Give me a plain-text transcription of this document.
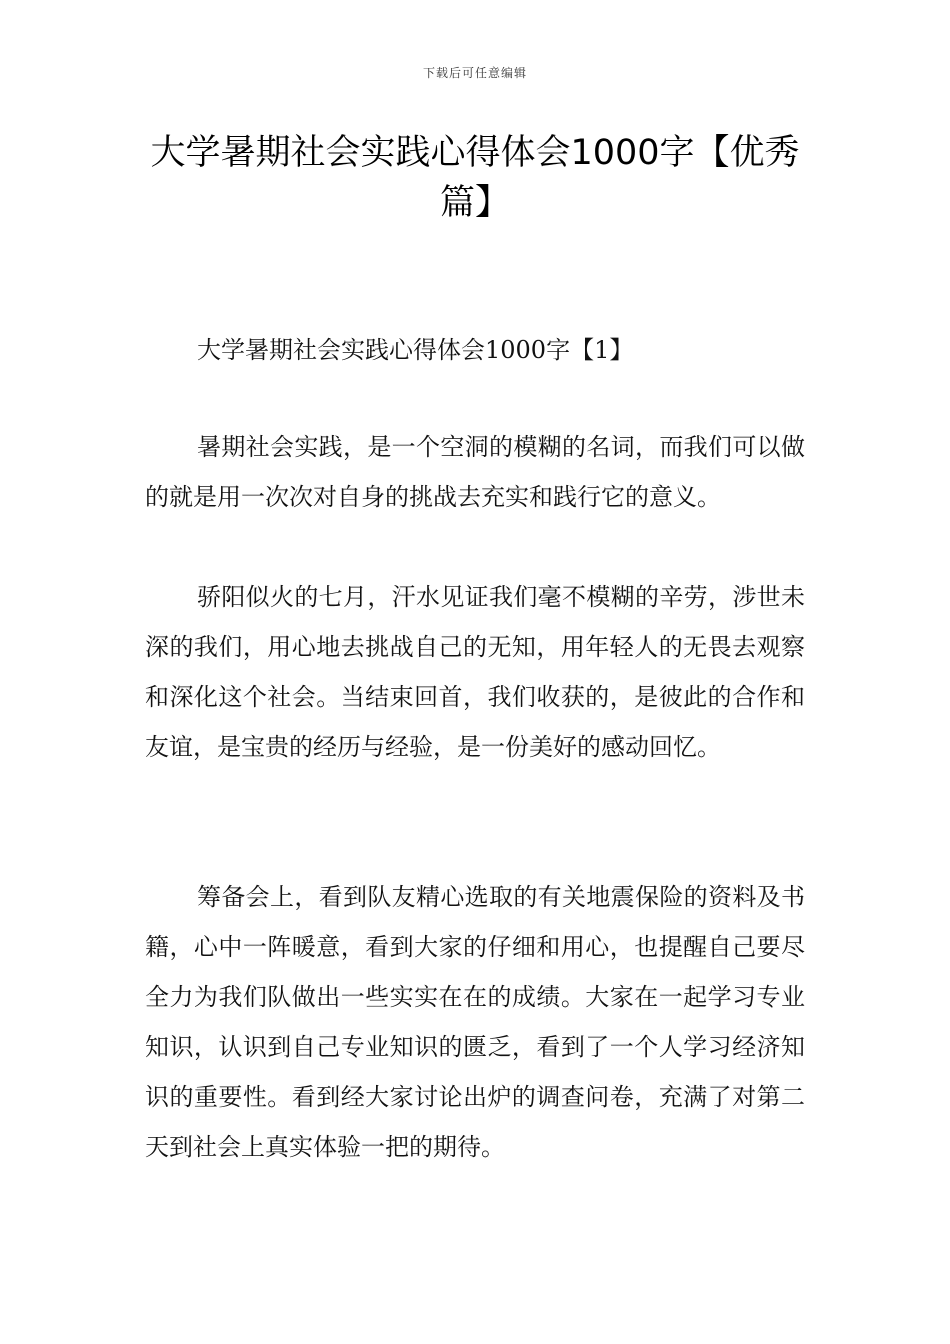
下载后可任意编辑
大学暑期社会实践心得体会1000字【优秀篇】
大学暑期社会实践心得体会1000字【1】

暑期社会实践，是一个空洞的模糊的名词，而我们可以做的就是用一次次对自身的挑战去充实和践行它的意义。

骄阳似火的七月，汗水见证我们毫不模糊的辛劳，涉世未深的我们，用心地去挑战自己的无知，用年轻人的无畏去观察和深化这个社会。当结束回首，我们收获的，是彼此的合作和友谊，是宝贵的经历与经验，是一份美好的感动回忆。

筹备会上，看到队友精心选取的有关地震保险的资料及书籍，心中一阵暖意，看到大家的仔细和用心，也提醒自己要尽全力为我们队做出一些实实在在的成绩。大家在一起学习专业知识，认识到自己专业知识的匮乏，看到了一个人学习经济知识的重要性。看到经大家讨论出炉的调查问卷，充满了对第二天到社会上真实体验一把的期待。
